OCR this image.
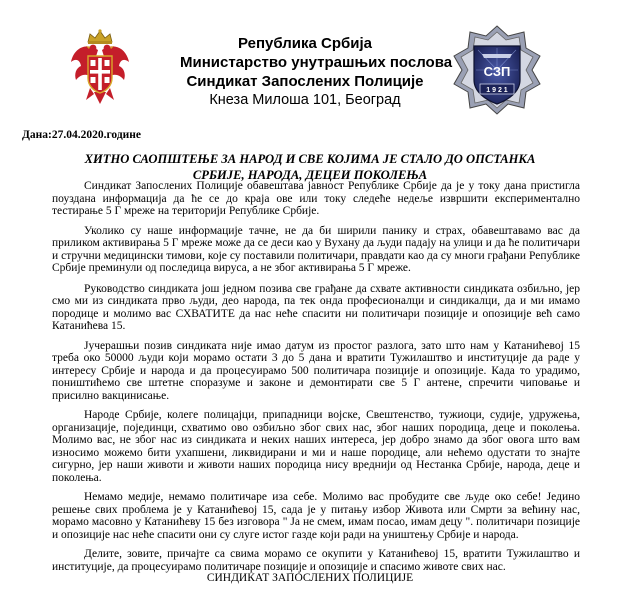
Република Србија
Министарство унутрашњих послова
Синдикат Запослених Полиције
Кнеза Милоша 101, Београд
СЗП
1 9 2 1
Дана:27.04.2020.године
ХИТНО САОПШТЕЊЕ ЗА НАРОД И СВЕ КОЈИМА ЈЕ СТАЛО ДО ОПСТАНКА
СРБИЈЕ, НАРОДА, ДЕЦЕИ ПОКОЛЕЊА

Синдикат Запослених Полиције обавештава јавност Републике Србије да је у току дана пристигла поуздана информација да ће се до краја ове или току следеће недеље извршити експериментално тестирање 5 Г мреже на територији Републике Србије.

Уколико су наше информације тачне, не да би ширили панику и страх, обавештавамо вас да приликом активирања 5 Г мреже може да се деси као у Вухану да људи падају на улици и да ће политичари и стручни медицински тимови, које су поставили политичари, правдати као да су многи грађани Републике Србије преминули од последица вируса, а не због активирања 5 Г мреже.

Руководство синдиката још једном позива све грађане да схвате активности синдиката озбиљно, јер смо ми из синдиката прво људи, део народа, па тек онда професионалци и синдикалци, да и ми имамо породице и молимо вас СХВАТИТЕ да нас неће спасити ни политичари позиције и опозиције већ само Катанићева 15.

Јучерашњи позив синдиката није имао датум из простог разлога, зато што нам у Катанићевој 15 треба око 50000 људи који морамо остати 3 до 5 дана и вратити Тужилаштво и институције да раде у интересу Србије и народа и да процесуирамо 500 политичара позиције и опозиције. Када то урадимо, поништићемо све штетне споразуме и законе и демонтирати све 5 Г антене, спречити чиповање и присилно вакцинисање.

Народе Србије, колеге полицајци, припадници војске, Свештенство, тужиоци, судије, удружења, организације, појединци, схватимо ово озбиљно због свих нас, због наших породица, деце и поколења. Молимо вас, не због нас из синдиката и неких наших интереса, јер добро знамо да због овога што вам износимо можемо бити ухапшени, ликвидирани и ми и наше породице, али нећемо одустати то знајте сигурно, јер наши животи и животи наших породица нису вреднији од Нестанка Србије, народа, деце и поколења.

Немамо медије, немамо политичаре иза себе. Молимо вас пробудите све људе око себе! Једино решење свих проблема је у Катанићевој 15, сада је у питању избор Живота или Смрти за већину нас, морамо масовно у Катанићеву 15 без изговора " Ја не смем, имам посао, имам децу ". политичари позиције и опозиције нас неће спасити они су слуге истог газде који ради на уништењу Србије и народа.

Делите, зовите, причајте са свима морамо се окупити у Катанићевој 15, вратити Тужилаштво и институције, да процесуирамо политичаре позиције и опозиције и спасимо животе свих нас.

СИНДИКАТ ЗАПОСЛЕНИХ ПОЛИЦИЈЕ
